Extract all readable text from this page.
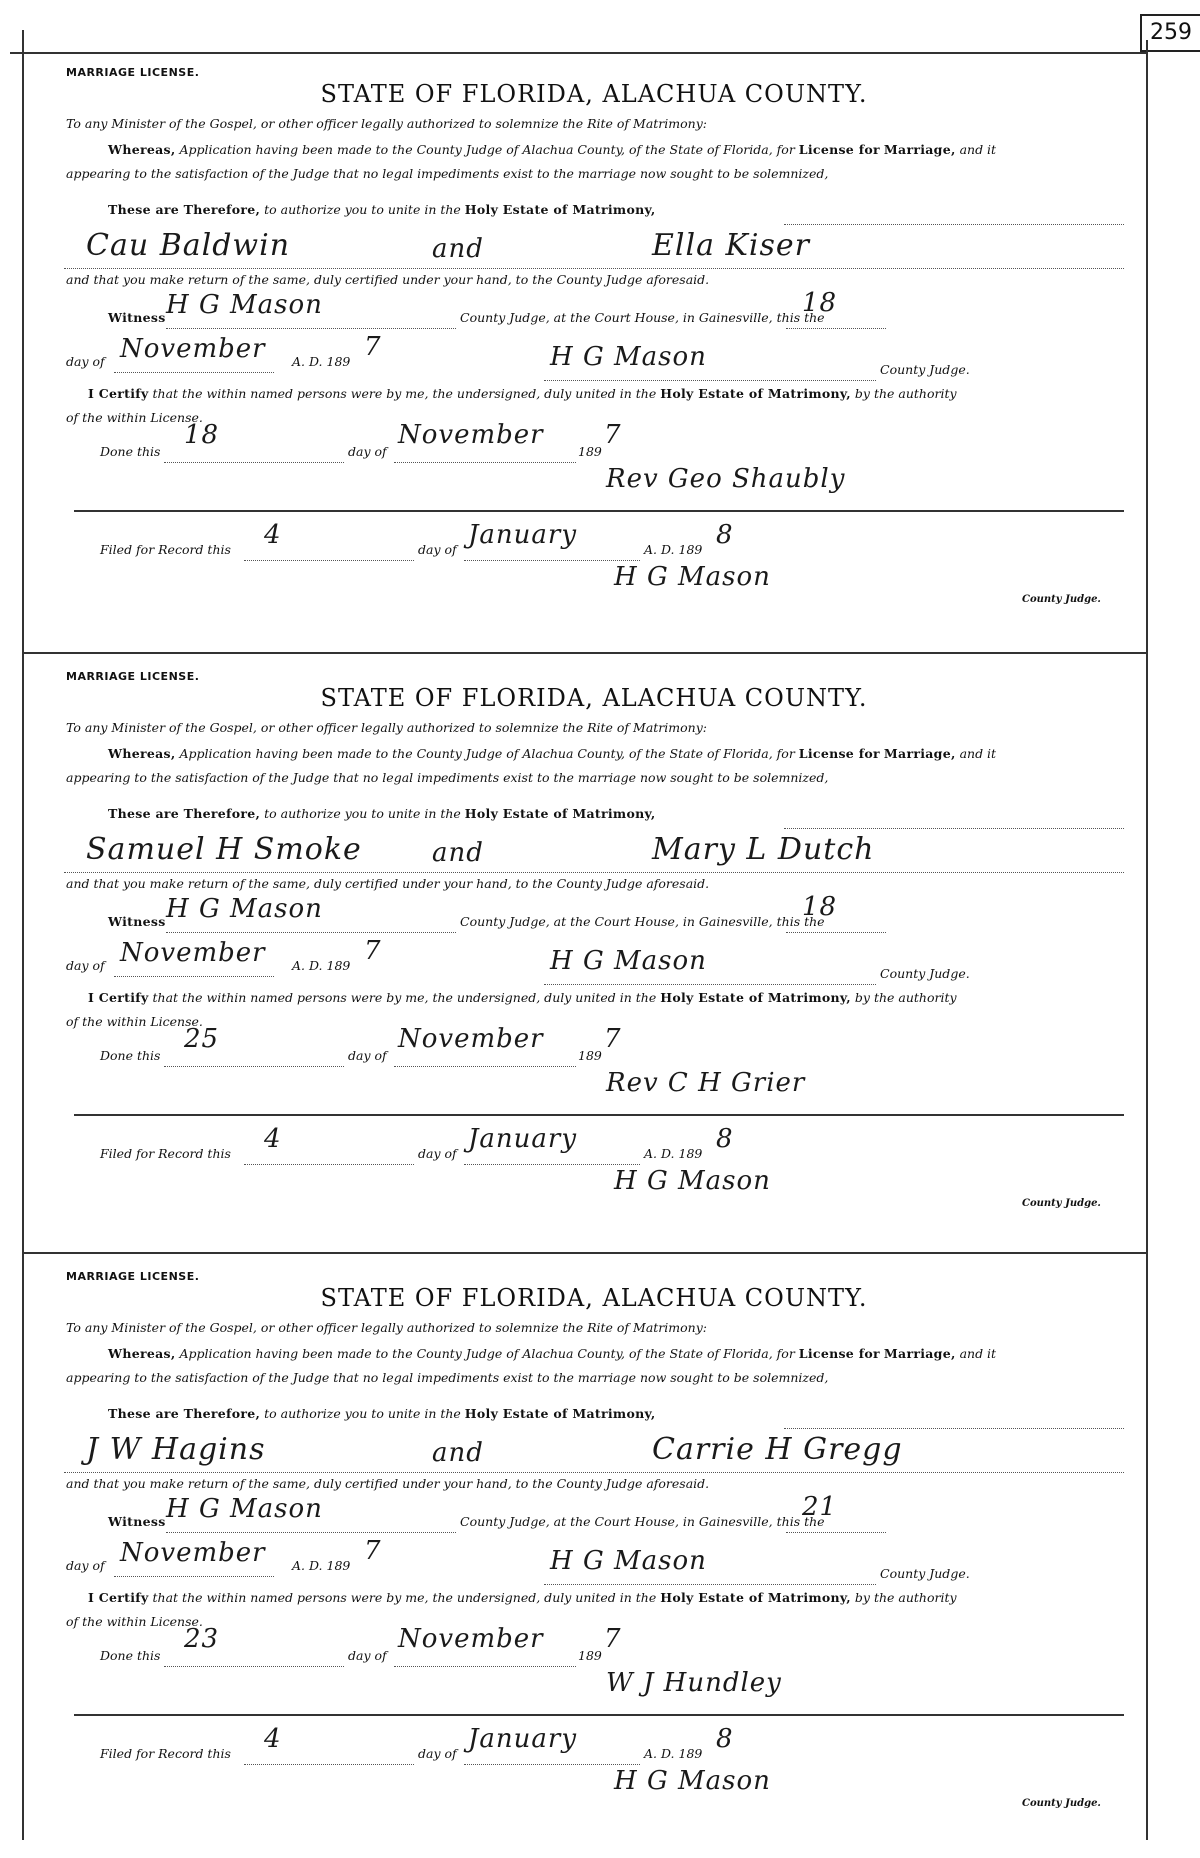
259
MARRIAGE LICENSE.
STATE OF FLORIDA, ALACHUA COUNTY.
To any Minister of the Gospel, or other officer legally authorized to solemnize the Rite of Matrimony:
Whereas, Application having been made to the County Judge of Alachua County, of the State of Florida, for License for Marriage, and it
appearing to the satisfaction of the Judge that no legal impediments exist to the marriage now sought to be solemnized,
These are Therefore, to authorize you to unite in the Holy Estate of Matrimony,
Cau Baldwin	and	Ella Kiser
and that you make return of the same, duly certified under your hand, to the County Judge aforesaid.
Witness H G Mason	County Judge, at the Court House, in Gainesville, this the
18
day of November A. D. 189 7	H G Mason	County Judge.
I Certify that the within named persons were by me, the undersigned, duly united in the Holy Estate of Matrimony, by the authority
of the within License.
Done this
18
day of
November
189
7
Rev Geo Shaubly
Filed for Record this 4	day of January	A. D. 189 8
H G Mason
County Judge.
MARRIAGE LICENSE.
STATE OF FLORIDA, ALACHUA COUNTY.
To any Minister of the Gospel, or other officer legally authorized to solemnize the Rite of Matrimony:
Whereas, Application having been made to the County Judge of Alachua County, of the State of Florida, for License for Marriage, and it
appearing to the satisfaction of the Judge that no legal impediments exist to the marriage now sought to be solemnized,
These are Therefore, to authorize you to unite in the Holy Estate of Matrimony,
Samuel H Smoke	and	Mary L Dutch
and that you make return of the same, duly certified under your hand, to the County Judge aforesaid.
Witness H G Mason	County Judge, at the Court House, in Gainesville, this the
18
day of November A. D. 189 7	H G Mason	County Judge.
I Certify that the within named persons were by me, the undersigned, duly united in the Holy Estate of Matrimony, by the authority
of the within License.
Done this
25
day of
November
189
7
Rev C H Grier
Filed for Record this 4	day of January	A. D. 189 8
H G Mason
County Judge.
MARRIAGE LICENSE.
STATE OF FLORIDA, ALACHUA COUNTY.
To any Minister of the Gospel, or other officer legally authorized to solemnize the Rite of Matrimony:
Whereas, Application having been made to the County Judge of Alachua County, of the State of Florida, for License for Marriage, and it
appearing to the satisfaction of the Judge that no legal impediments exist to the marriage now sought to be solemnized,
These are Therefore, to authorize you to unite in the Holy Estate of Matrimony,
J W Hagins	and	Carrie H Gregg
and that you make return of the same, duly certified under your hand, to the County Judge aforesaid.
Witness H G Mason	County Judge, at the Court House, in Gainesville, this the
21
day of November A. D. 189 7	H G Mason	County Judge.
I Certify that the within named persons were by me, the undersigned, duly united in the Holy Estate of Matrimony, by the authority
of the within License.
Done this
23
day of
November
189
7
W J Hundley
Filed for Record this 4	day of January	A. D. 189 8
H G Mason
County Judge.
